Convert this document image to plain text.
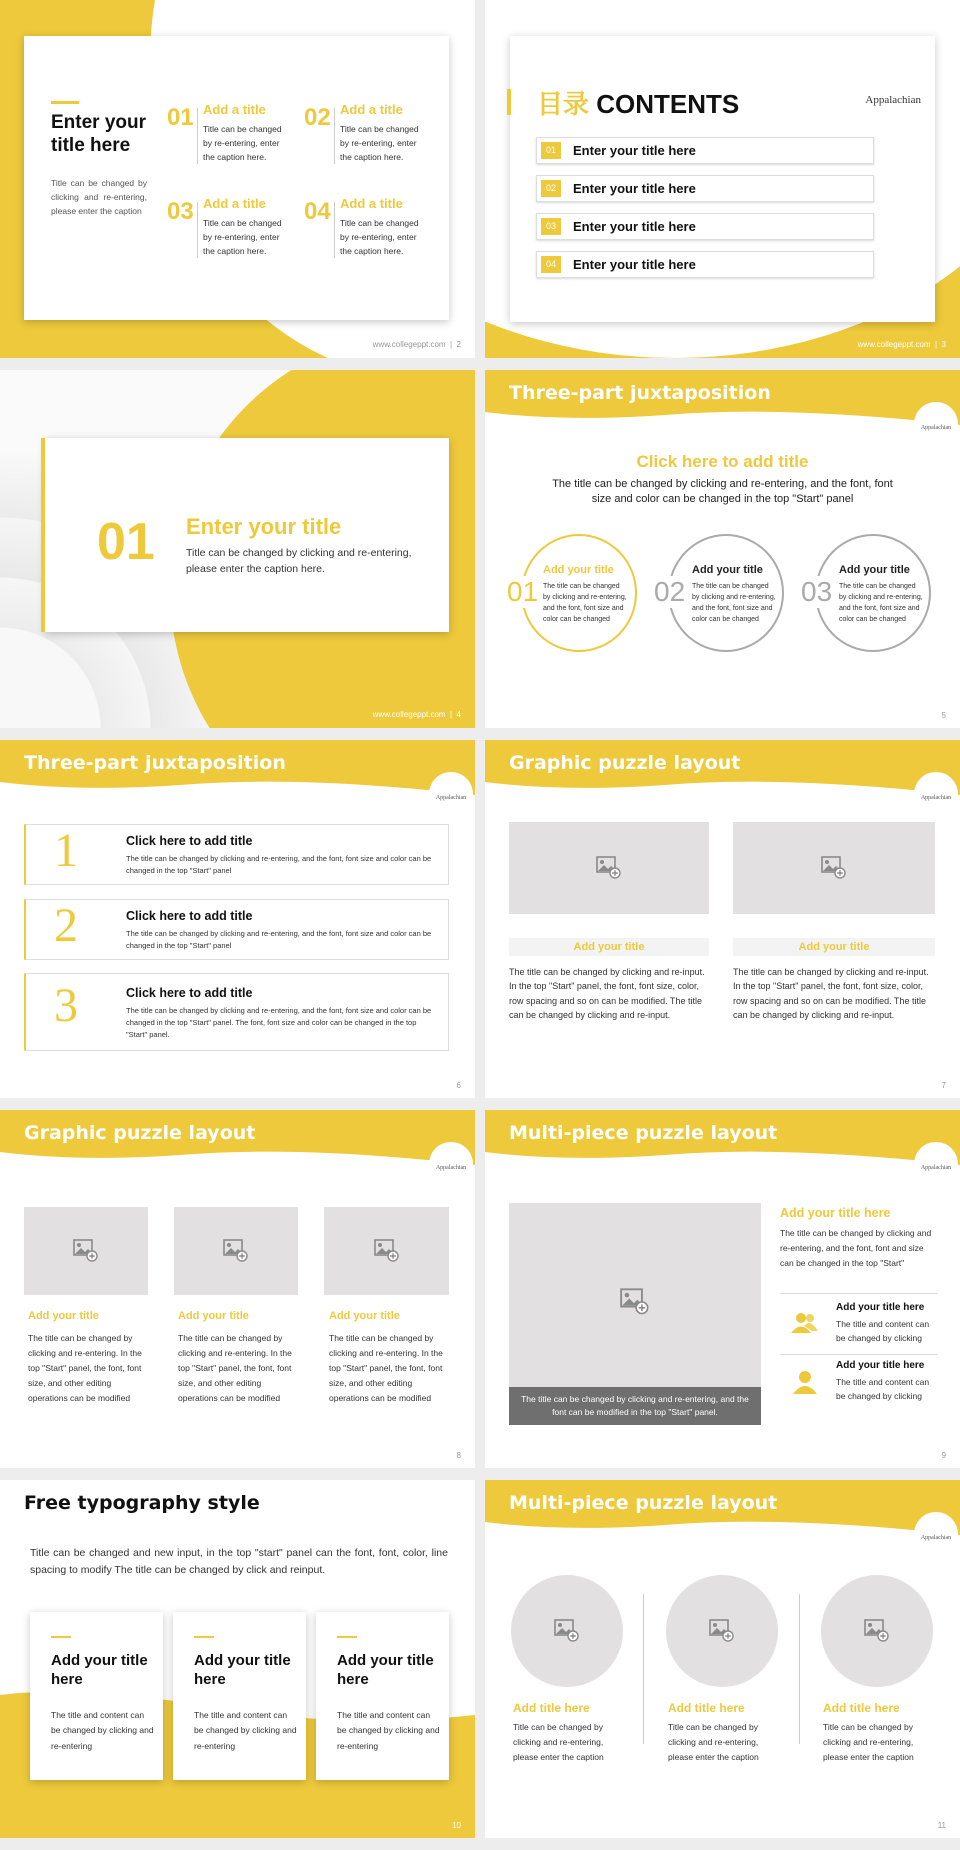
Enter your title here
Title can be changed by clicking and re-entering, please enter the caption
01 Add a title
Title can be changed by re-entering, enter the caption here.
02 Add a title
Title can be changed by re-entering, enter the caption here.
03 Add a title
Title can be changed by re-entering, enter the caption here.
04 Add a title
Title can be changed by re-entering, enter the caption here.
www.collegeppt.com  |  2
目录 CONTENTS	Appalachian
01	Enter your title here
02	Enter your title here
03	Enter your title here
04	Enter your title here
www.collegeppt.com  |  3
01 Enter your title
Title can be changed by clicking and re-entering, please enter the caption here.
www.collegeppt.com  |  4
Three-part juxtaposition
Appalachian
Click here to add title
The title can be changed by clicking and re-entering, and the font, font size and color can be changed in the top "Start" panel
01
Add your title
The title can be changed by clicking and re-entering, and the font, font size and color can be changed
02
Add your title
The title can be changed by clicking and re-entering, and the font, font size and color can be changed
03
Add your title
The title can be changed by clicking and re-entering, and the font, font size and color can be changed
5
Three-part juxtaposition
Appalachian
1	Click here to add title
The title can be changed by clicking and re-entering, and the font, font size and color can be changed in the top "Start" panel
2	Click here to add title
The title can be changed by clicking and re-entering, and the font, font size and color can be changed in the top "Start" panel
3	Click here to add title
The title can be changed by clicking and re-entering, and the font, font size and color can be changed in the top "Start" panel. The font, font size and color can be changed in the top "Start" panel.
6
Graphic puzzle layout
Appalachian
Add your title
The title can be changed by clicking and re-input. In the top "Start" panel, the font, font size, color, row spacing and so on can be modified. The title can be changed by clicking and re-input.
Add your title
The title can be changed by clicking and re-input. In the top "Start" panel, the font, font size, color, row spacing and so on can be modified. The title can be changed by clicking and re-input.
7
Graphic puzzle layout
Appalachian
Add your title
The title can be changed by clicking and re-entering. In the top "Start" panel, the font, font size, and other editing operations can be modified
Add your title
The title can be changed by clicking and re-entering. In the top "Start" panel, the font, font size, and other editing operations can be modified
Add your title
The title can be changed by clicking and re-entering. In the top "Start" panel, the font, font size, and other editing operations can be modified
8
Multi-piece puzzle layout
Appalachian
The title can be changed by clicking and re-entering, and the font can be modified in the top "Start" panel.
Add your title here
The title can be changed by clicking and re-entering, and the font, font and size can be changed in the top "Start"
Add your title here
The title and content can be changed by clicking
Add your title here
The title and content can be changed by clicking
9
Free typography style
Title can be changed and new input, in the top "start" panel can the font, font, color, line spacing to modify The title can be changed by click and reinput.
Add your title here
The title and content can be changed by clicking and re-entering
Add your title here
The title and content can be changed by clicking and re-entering
Add your title here
The title and content can be changed by clicking and re-entering
10
Multi-piece puzzle layout
Appalachian
Add title here
Title can be changed by clicking and re-entering, please enter the caption
Add title here
Title can be changed by clicking and re-entering, please enter the caption
Add title here
Title can be changed by clicking and re-entering, please enter the caption
11
